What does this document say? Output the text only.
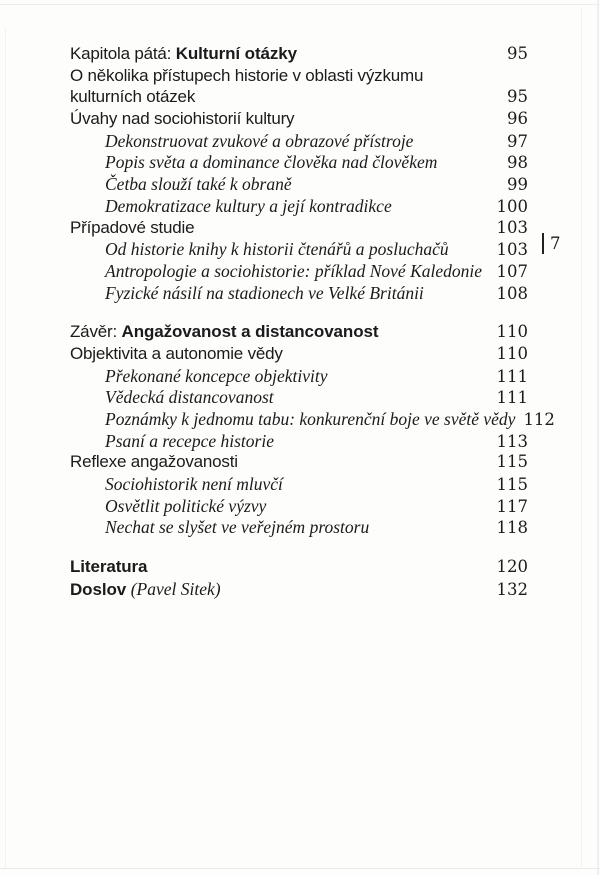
Kapitola pátá: Kulturní otázky	95
O několika přístupech historie v oblasti výzkumu
kulturních otázek	95
Úvahy nad sociohistorií kultury	96
Dekonstruovat zvukové a obrazové přístroje	97
Popis světa a dominance člověka nad člověkem	98
Četba slouží také k obraně	99
Demokratizace kultury a její kontradikce	100
Případové studie	103
Od historie knihy k historii čtenářů a posluchačů	103
Antropologie a sociohistorie: příklad Nové Kaledonie 107
Fyzické násilí na stadionech ve Velké Británii	108
Závěr: Angažovanost a distancovanost	110
Objektivita a autonomie vědy	110
Překonané koncepce objektivity	111
Vědecká distancovanost	111
Poznámky k jednomu tabu: konkurenční boje ve světě vědy 112
Psaní a recepce historie	113
Reflexe angažovanosti	115
Sociohistorik není mluvčí	115
Osvětlit politické výzvy	117
Nechat se slyšet ve veřejném prostoru	118
Literatura	120
Doslov (Pavel Sitek)	132
7
